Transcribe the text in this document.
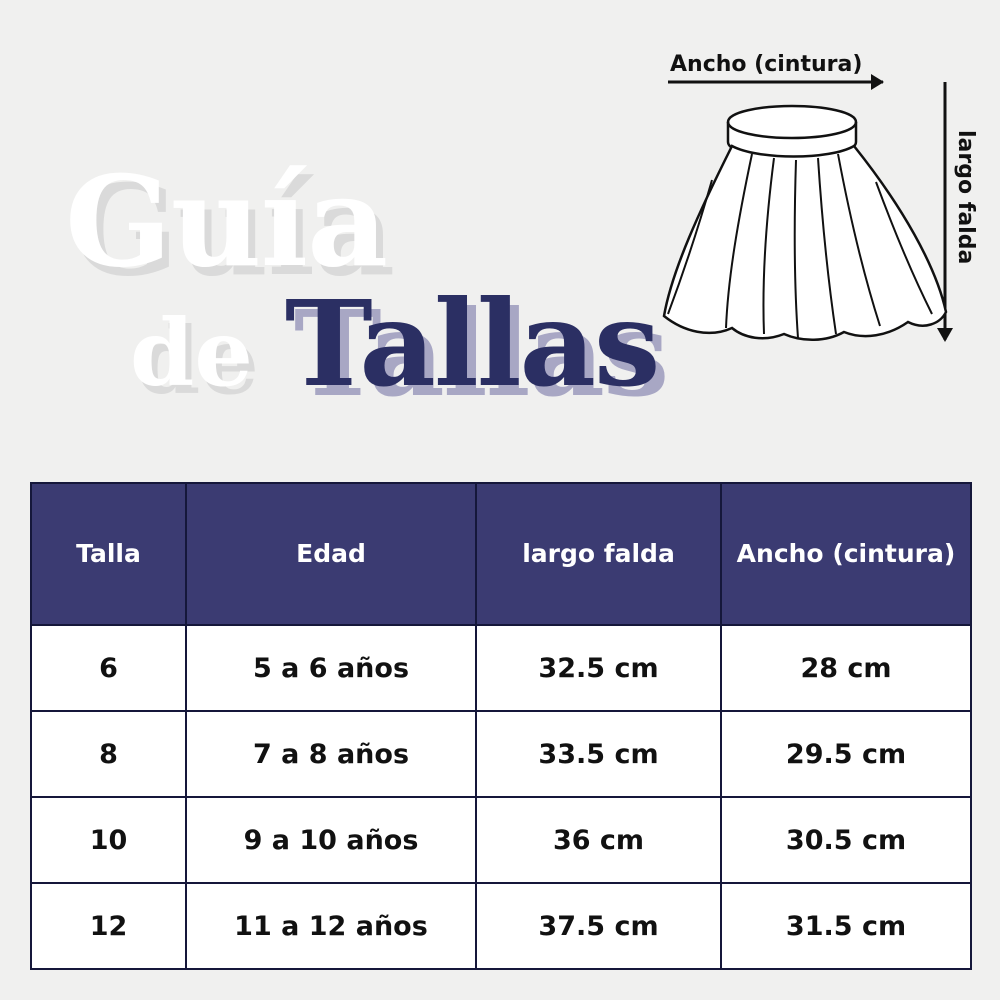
Guía
de Tallas
Ancho (cintura)
largo falda
Talla	Edad	largo falda	Ancho (cintura)
6	5 a 6 años	32.5 cm	28 cm
8	7 a 8 años	33.5 cm	29.5 cm
10	9 a 10 años	36 cm	30.5 cm
12	11 a 12 años	37.5 cm	31.5 cm
